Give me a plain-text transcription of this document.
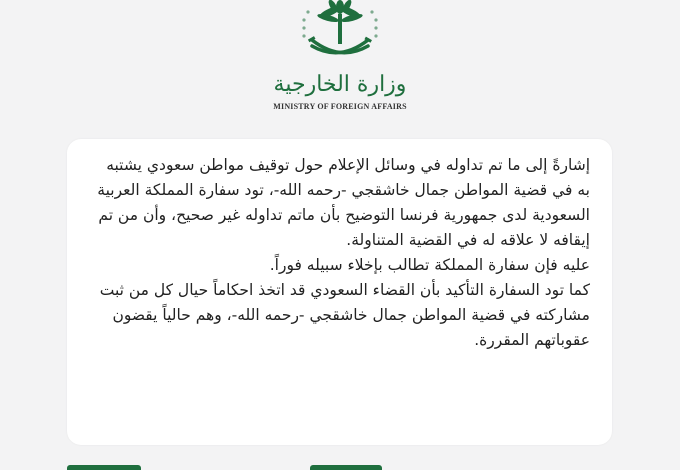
وزارة الخارجية
MINISTRY OF FOREIGN AFFAIRS

إشارةً إلى ما تم تداوله في وسائل الإعلام حول توقيف مواطن سعودي يشتبه به في قضية المواطن جمال خاشقجي -رحمه الله-، تود سفارة المملكة العربية السعودية لدى جمهورية فرنسا التوضيح بأن ماتم تداوله غير صحيح، وأن من تم إيقافه لا علاقه له في القضية المتناولة.

عليه فإن سفارة المملكة تطالب بإخلاء سبيله فوراً.

كما تود السفارة التأكيد بأن القضاء السعودي قد اتخذ احكاماً حيال كل من ثبت مشاركته في قضية المواطن جمال خاشقجي -رحمه الله-، وهم حالياً يقضون عقوباتهم المقررة.
